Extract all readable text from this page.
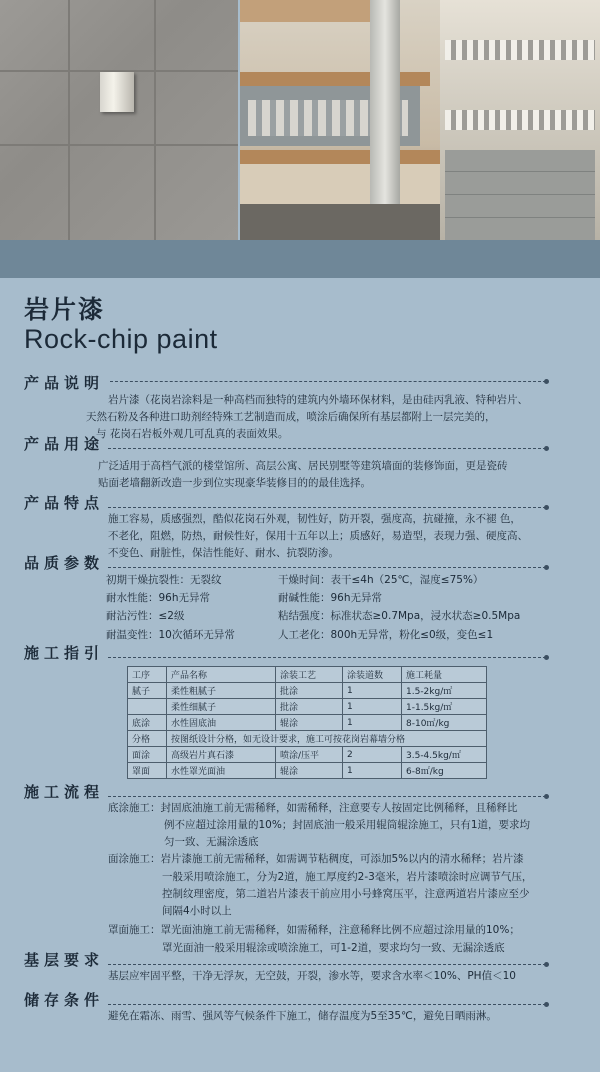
岩片漆
Rock-chip paint
产品说明
岩片漆（花岗岩涂料是一种高档而独特的建筑内外墙环保材料，是由硅丙乳液、特种岩片、
天然石粉及各种进口助剂经特殊工艺制造而成，喷涂后确保所有基层都附上一层完美的，
与 花岗石岩板外观几可乱真的表面效果。
产品用途
广泛适用于高档气派的楼堂馆所、高层公寓、居民别墅等建筑墙面的装修饰面，更是瓷砖
贴面老墙翻新改造一步到位实现豪华装修目的的最佳选择。
产品特点
施工容易，质感强烈，酷似花岗石外观，韧性好，防开裂，强度高，抗碰撞，永不褪 色，
不老化，阻燃，防热，耐候性好，保用十五年以上；质感好，易造型，表现力强、硬度高、
不变色、耐脏性，保洁性能好、耐水、抗裂防渗。
品质参数
初期干燥抗裂性：无裂纹	干燥时间：表干≤4h（25℃，湿度≤75%）
耐水性能：96h无异常	耐碱性能：96h无异常
耐沾污性：≤2级	粘结强度：标准状态≥0.7Mpa，浸水状态≥0.5Mpa
耐温变性：10次循环无异常	人工老化：800h无异常，粉化≤0级，变色≤1
施工指引
工序	产品名称	涂装工艺	涂装道数	施工耗量
腻子	柔性粗腻子	批涂	1	1.5-2kg/㎡
	柔性细腻子	批涂	1	1-1.5kg/㎡
底涂	水性固底油	辊涂	1	8-10㎡/kg
分格	按图纸设计分格，如无设计要求，施工可按花岗岩幕墙分格			
面涂	高级岩片真石漆	喷涂/压平	2	3.5-4.5kg/㎡
罩面	水性罩光面油	辊涂	1	6-8㎡/kg
施工流程
底涂施工：封固底油施工前无需稀释，如需稀释，注意要专人按固定比例稀释，且稀释比
例不应超过涂用量的10%；封固底油一般采用辊筒辊涂施工，只有1道，要求均
匀一致、无漏涂透底
面涂施工：岩片漆施工前无需稀释，如需调节粘稠度，可添加5%以内的清水稀释；岩片漆
一般采用喷涂施工，分为2道，施工厚度约2-3毫米，岩片漆喷涂时应调节气压，
控制纹理密度，第二道岩片漆表干前应用小号蜂窝压平，注意两道岩片漆应至少
间隔4小时以上
罩面施工：罩光面油施工前无需稀释，如需稀释，注意稀释比例不应超过涂用量的10%；
罩光面油一般采用辊涂或喷涂施工，可1-2道，要求均匀一致、无漏涂透底
基层要求
基层应牢固平整，干净无浮灰，无空鼓，开裂，渗水等，要求含水率＜10%、PH值＜10
储存条件
避免在霜冻、雨雪、强风等气候条件下施工，储存温度为5至35℃，避免日晒雨淋。
